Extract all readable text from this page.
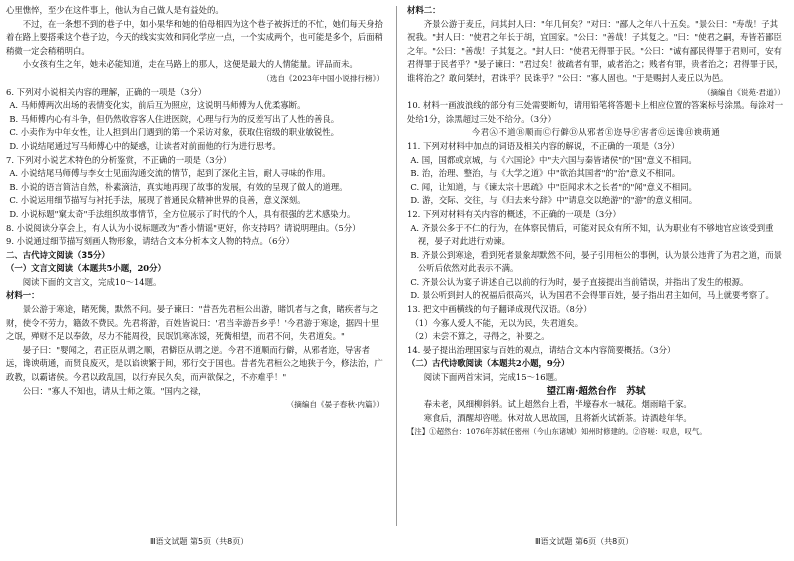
心里憔悴，至少在这件事上，他认为自己做人是有益处的。

不过，在一条想不到的巷子中，如小果华和她的伯母相四为这个巷子被拆迁的不忙，她们每天身拾着在路上要搭乘这个巷子边，今天的线实实效和同化学应一点，一个实成两个，也可能是多个，后面稍稍微一定会稍稍明白。

小女孩有生之年，她未必能知道，走在马路上的那人，这便是最大的人情能量。评品而未。

（选自《2023年中国小说排行榜》）

6. 下列对小说相关内容的理解，正确的一项是（3分）

A. 马师傅两次出场的表情变化实，前后互为照应，这说明马师傅为人优柔寡断。

B. 马师傅内心有斗争，但仍然收容客人住进医院，心理与行为的反差写出了人性的善良。

C. 小卖作为中年女性，让人担到出门遇到的第一个采访对象，获取住宿级的职业敏锐性。

D. 小说结尾通过写马师傅心中的疑惑，让读者对前面他的行为进行思考。

7. 下列对小说艺术特色的分析鉴赏，不正确的一项是（3分）

A. 小说结尾马师傅与李女士见面沟通交流的情节，起到了深化主旨，耐人寻味的作用。

B. 小说的语言简洁自然，朴素滴洁，真实地再现了故事的发展，有效的呈现了做人的道理。

C. 小说运用细节描写与衬托手法，展现了普通民众精神世界的良善，意义深刻。

D. 小说标题"窠太奇"手法组织故事情节，全方位展示了时代的个人，具有很强的艺术感染力。

8. 小说阅读分享会上，有人认为小说标题改为"香小情谣"更好，你支持吗？请说明理由。（5分）

9. 小说通过细节描写刻画人物形象，请结合文本分析本文人物的特点。（6分）

二、古代诗文阅读（35分）

（一）文言文阅读（本题共5小题，20分）

阅读下面的文言文，完成10～14题。

材料一：

景公游于寒途，睹死胔，默然不问。晏子谏曰："昔吾先君桓公出游，睹饥者与之食，睹疾者与之财，使令不劳力，籍敛不费民。先君将游，百姓皆说曰：'君当幸游吾乡乎！'今君游于寒途，据四十里之氓，殚财不足以奉敛，尽力不能周役，民氓饥寒冻馁，死胔相望，而君不问，失君道矣。"

晏子曰："婴闻之，君正臣从谓之顺，君僻臣从谓之逆。今君不道顺而行僻，从邪者迩，导害者远，谗谀萌通，而贤良废灭，是以谄谀繁于间，邪行交于国也。昔者先君桓公之地狭于今，修法治，广政教，以霸诸侯。今君以政乱国，以行弃民久矣，而声欲保之，不亦难乎！"

公曰："寡人不知也，请从士师之策。"国内之禄，

（摘编自《晏子春秋·内篇》）

材料二：

齐景公游于麦丘，问其封人曰："年几何矣？"对曰："鄙人之年八十五矣。"景公曰："寿哉！子其祝我。"封人曰："使君之年长于胡，宜国家。"公曰："善哉！子其复之。"曰："使君之嗣，寿皆若鄙臣之年。"公曰："善哉！子其复之。"封人曰："使君无得罪于民。"公曰："诚有鄙民得罪于君则可，安有君得罪于民者乎？"晏子谏曰："君过矣！彼疏者有罪，戚者治之；贱者有罪，贵者治之；君得罪于民，谁将治之？敢问桀纣，君诛乎？民诛乎？"公曰："寡人固也。"于是赐封人麦丘以为邑。

（摘编自《说苑·君道》）

10. 材料一画波浪线的部分有三处需要断句，请用铅笔将答题卡上相应位置的答案标号涂黑。每涂对一处给1分，涂黑超过三处不给分。（3分）

今君Ⓐ不道Ⓑ顺而Ⓒ行僻Ⓓ从邪者Ⓔ迩导Ⓕ害者Ⓖ远谗Ⓗ谀萌通

11. 下列对材料中加点的词语及相关内容的解说，不正确的一项是（3分）

A. 国，国都或京城，与《六国论》中"夫六国与秦皆诸侯"的"国"意义不相同。

B. 治，治理、整治，与《大学之道》中"欲治其国者"的"治"意义不相同。

C. 闻，让知道，与《谏太宗十思疏》中"臣闻求木之长者"的"闻"意义不相同。

D. 游，交际、交往，与《归去来兮辞》中"请息交以绝游"的"游"的意义相同。

12. 下列对材料有关内容的概述，不正确的一项是（3分）

A. 齐景公多于不仁的行为，在体察民情后，可能对民众有所不知，认为职业有不够地官应该受到重视，晏子对此进行劝谏。

B. 齐景公到寒途，看到死者景象却默然不问，晏子引用桓公的事例，认为景公违背了为君之道，而景公听后依然对此表示不满。

C. 齐景公认为宴子讲述自己以前的行为时，晏子直接提出当前错误，并指出了发生的根源。

D. 景公听到封人的祝福后很高兴，认为国君不会得罪百姓，晏子指出君主如何，马上就要考察了。

13. 把文中画横线的句子翻译成现代汉语。（8分）

（1）今寡人爱人不能，无以为民，失君道矣。

（2）未尝不算之，寻得之，补要之。

14. 晏子提出治理国家与百姓的观点，请结合文本内容简要概括。（3分）

（二）古代诗歌阅读（本题共2小题，9分）

阅读下面两首宋词，完成15～16题。

望江南·超然台作 苏轼

春未老，风细柳斜斜。试上超然台上看，半壕春水一城花。烟雨暗千家。

寒食后，酒醒却咨嗟。休对故人思故国，且将新火试新茶。诗酒趁年华。

【注】①超然台：1076年苏轼任密州（今山东诸城）知州时修建的。②咨嗟：叹息，叹气。

Ⅲ语文试题 第5页（共8页）	Ⅲ语文试题 第6页（共8页）
